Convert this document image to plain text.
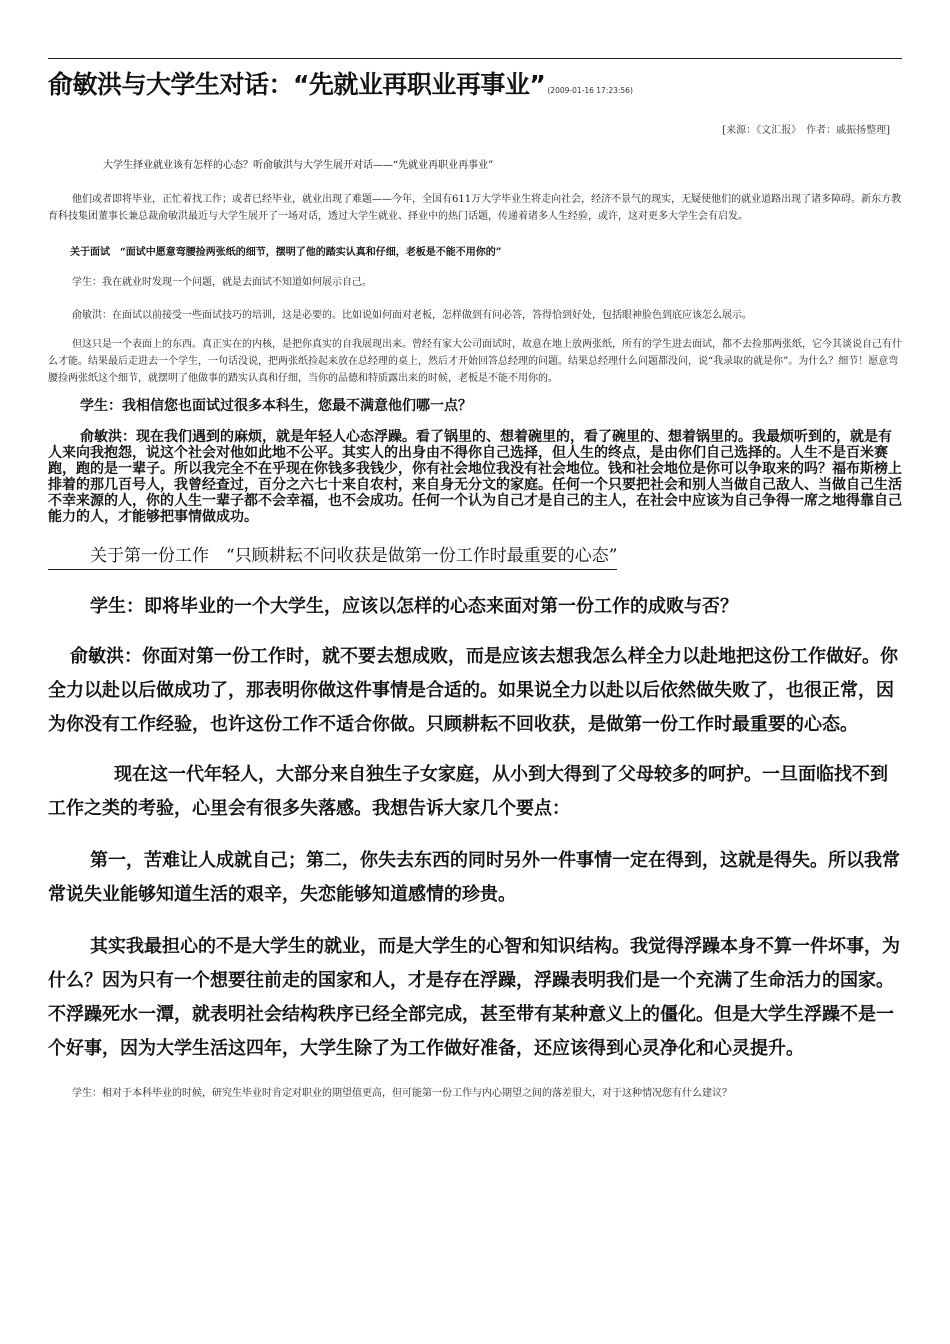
俞敏洪与大学生对话：“先就业再职业再事业” (2009-01-16 17:23:56)
[来源：《文汇报》　作者：戚振扬整理]
大学生择业就业该有怎样的心态？听俞敏洪与大学生展开对话——“先就业再职业再事业”

他们或者即将毕业，正忙着找工作；或者已经毕业，就业出现了难题——今年，全国有611万大学毕业生将走向社会，经济不景气的现实，无疑使他们的就业道路出现了诸多障碍。新东方教育科技集团董事长兼总裁俞敏洪最近与大学生展开了一场对话，透过大学生就业、择业中的热门话题，传递着诸多人生经验，或许，这对更多大学生会有启发。

关于面试　“面试中愿意弯腰捡两张纸的细节，摆明了他的踏实认真和仔细，老板是不能不用你的”

学生：我在就业时发现一个问题，就是去面试不知道如何展示自己。

俞敏洪：在面试以前接受一些面试技巧的培训，这是必要的。比如说如何面对老板，怎样做到有问必答，答得恰到好处，包括眼神脸色到底应该怎么展示。

但这只是一个表面上的东西。真正实在的内核，是把你真实的自我展现出来。曾经有家大公司面试时，故意在地上放两张纸，所有的学生进去面试，都不去捡那两张纸，它今其谈说自己有什么才能。结果最后走进去一个学生，一句话没说，把两张纸捡起来放在总经理的桌上，然后才开始回答总经理的问题。结果总经理什么问题都没问，说“我录取的就是你”。为什么？细节！愿意弯腰捡两张纸这个细节，就摆明了他做事的踏实认真和仔细，当你的品德和特质露出来的时候，老板是不能不用你的。

学生：我相信您也面试过很多本科生，您最不满意他们哪一点？

俞敏洪：现在我们遇到的麻烦，就是年轻人心态浮躁。看了锅里的、想着碗里的，看了碗里的、想着锅里的。我最烦听到的，就是有人来向我抱怨，说这个社会对他如此地不公平。其实人的出身由不得你自己选择，但人生的终点，是由你们自己选择的。人生不是百米赛跑，跑的是一辈子。所以我完全不在乎现在你钱多我钱少，你有社会地位我没有社会地位。钱和社会地位是你可以争取来的吗？福布斯榜上排着的那几百号人，我曾经查过，百分之六七十来自农村，来自身无分文的家庭。任何一个只要把社会和别人当做自己敌人、当做自己生活不幸来源的人，你的人生一辈子都不会幸福，也不会成功。任何一个认为自己才是自己的主人，在社会中应该为自己争得一席之地得靠自己能力的人，才能够把事情做成功。

关于第一份工作　“只顾耕耘不问收获是做第一份工作时最重要的心态”

学生：即将毕业的一个大学生，应该以怎样的心态来面对第一份工作的成败与否？

俞敏洪：你面对第一份工作时，就不要去想成败，而是应该去想我怎么样全力以赴地把这份工作做好。你全力以赴以后做成功了，那表明你做这件事情是合适的。如果说全力以赴以后依然做失败了，也很正常，因为你没有工作经验，也许这份工作不适合你做。只顾耕耘不回收获，是做第一份工作时最重要的心态。

现在这一代年轻人，大部分来自独生子女家庭，从小到大得到了父母较多的呵护。一旦面临找不到工作之类的考验，心里会有很多失落感。我想告诉大家几个要点：

第一，苦难让人成就自己；第二，你失去东西的同时另外一件事情一定在得到，这就是得失。所以我常常说失业能够知道生活的艰辛，失恋能够知道感情的珍贵。

其实我最担心的不是大学生的就业，而是大学生的心智和知识结构。我觉得浮躁本身不算一件坏事，为什么？因为只有一个想要往前走的国家和人，才是存在浮躁，浮躁表明我们是一个充满了生命活力的国家。不浮躁死水一潭，就表明社会结构秩序已经全部完成，甚至带有某种意义上的僵化。但是大学生浮躁不是一个好事，因为大学生活这四年，大学生除了为工作做好准备，还应该得到心灵净化和心灵提升。

学生：相对于本科毕业的时候，研究生毕业时肯定对职业的期望值更高，但可能第一份工作与内心期望之间的落差很大，对于这种情况您有什么建议？
